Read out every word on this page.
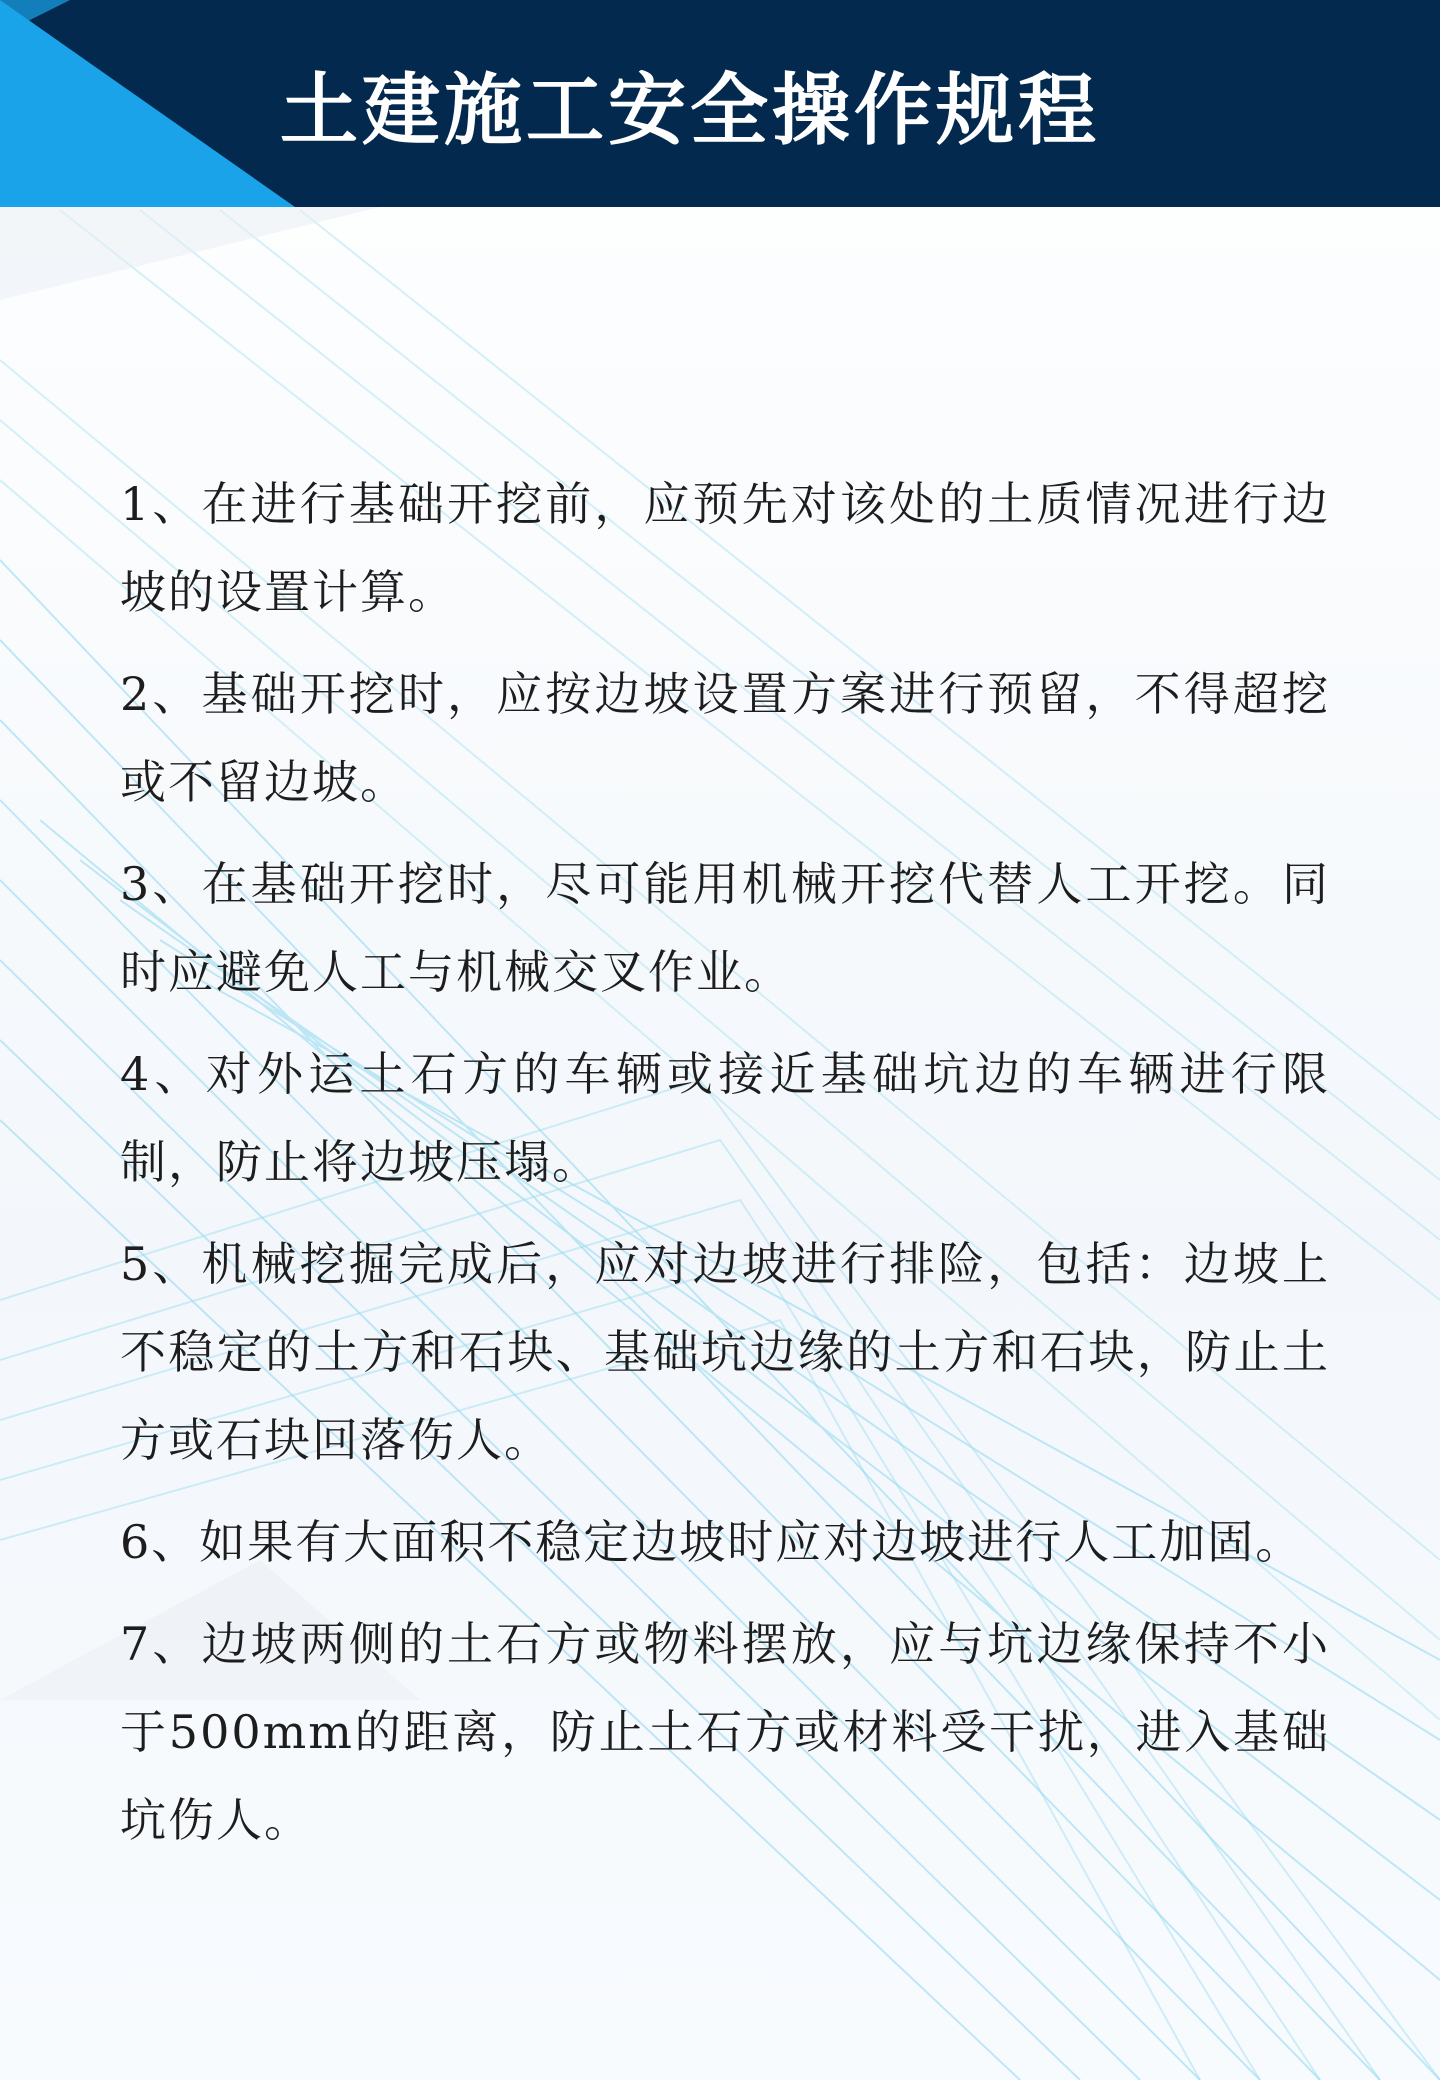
土建施工安全操作规程

1、在进行基础开挖前，应预先对该处的土质情况进行边坡的设置计算。

2、基础开挖时，应按边坡设置方案进行预留，不得超挖或不留边坡。

3、在基础开挖时，尽可能用机械开挖代替人工开挖。同时应避免人工与机械交叉作业。

4、对外运土石方的车辆或接近基础坑边的车辆进行限制，防止将边坡压塌。

5、机械挖掘完成后，应对边坡进行排险，包括：边坡上不稳定的土方和石块、基础坑边缘的土方和石块，防止土方或石块回落伤人。

6、如果有大面积不稳定边坡时应对边坡进行人工加固。

7、边坡两侧的土石方或物料摆放，应与坑边缘保持不小于500mm的距离，防止土石方或材料受干扰，进入基础坑伤人。
